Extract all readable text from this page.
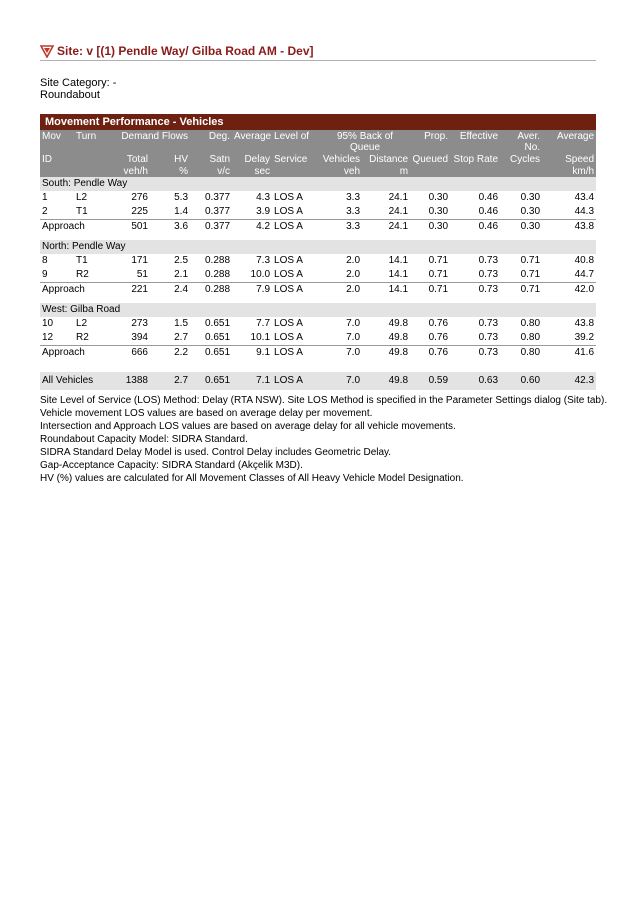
Site: v [(1) Pendle Way/ Gilba Road AM - Dev]
Site Category: -
Roundabout
Movement Performance - Vehicles
Mov	Turn	Demand Flows		Deg.	Average	Level of	95% Back of Queue		Prop.	Effective	Aver. No.	Average
ID		Total	HV	Satn	Delay	Service	Vehicles	Distance	Queued	Stop Rate	Cycles	Speed
		veh/h	%	v/c	sec		veh	m				km/h
South: Pendle Way												
1	L2	276	5.3	0.377	4.3	LOS A	3.3	24.1	0.30	0.46	0.30	43.4
2	T1	225	1.4	0.377	3.9	LOS A	3.3	24.1	0.30	0.46	0.30	44.3
Approach		501	3.6	0.377	4.2	LOS A	3.3	24.1	0.30	0.46	0.30	43.8

North: Pendle Way												
8	T1	171	2.5	0.288	7.3	LOS A	2.0	14.1	0.71	0.73	0.71	40.8
9	R2	51	2.1	0.288	10.0	LOS A	2.0	14.1	0.71	0.73	0.71	44.7
Approach		221	2.4	0.288	7.9	LOS A	2.0	14.1	0.71	0.73	0.71	42.0

West: Gilba Road												
10	L2	273	1.5	0.651	7.7	LOS A	7.0	49.8	0.76	0.73	0.80	43.8
12	R2	394	2.7	0.651	10.1	LOS A	7.0	49.8	0.76	0.73	0.80	39.2
Approach		666	2.2	0.651	9.1	LOS A	7.0	49.8	0.76	0.73	0.80	41.6

All Vehicles		1388	2.7	0.651	7.1	LOS A	7.0	49.8	0.59	0.63	0.60	42.3
Site Level of Service (LOS) Method: Delay (RTA NSW). Site LOS Method is specified in the Parameter Settings dialog (Site tab).
Vehicle movement LOS values are based on average delay per movement.
Intersection and Approach LOS values are based on average delay for all vehicle movements.
Roundabout Capacity Model: SIDRA Standard.
SIDRA Standard Delay Model is used. Control Delay includes Geometric Delay.
Gap-Acceptance Capacity: SIDRA Standard (Akçelik M3D).
HV (%) values are calculated for All Movement Classes of All Heavy Vehicle Model Designation.
